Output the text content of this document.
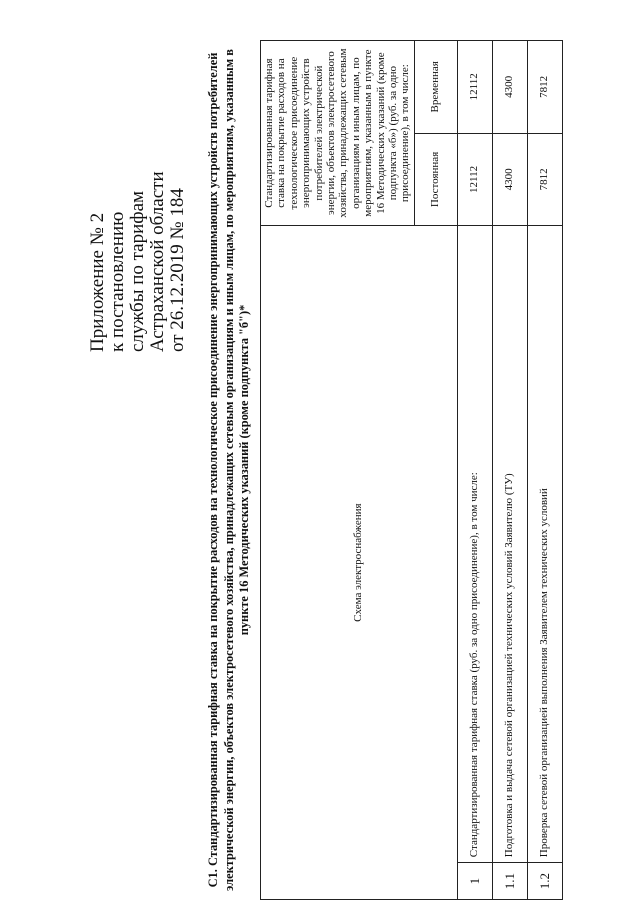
Приложение № 2 к постановлению службы по тарифам Астраханской области от 26.12.2019 № 184 С1. Стандартизированная тарифная ставка на покрытие расходов на технологическое присоединение энергопринимающих устройств потребителей электрической энергии, объектов электросетевого хозяйства, принадлежащих сетевым организациям и иным лицам, по мероприятиям, указанным в пункте 16 Методических указаний (кроме подпункта "б")*	Схема электроснабжения		Стандартизированная тарифная ставка на покрытие расходов на технологическое присоединение энергопринимающих устройств потребителей электрической энергии, объектов электросетевого хозяйства, принадлежащих сетевым организациям и иным лицам, по мероприятиям, указанным в пункте 16 Методических указаний (кроме подпункта «б») (руб. за одно присоединение), в том числе:	
		Постоянная	Временная
1	Стандартизированная тарифная ставка (руб. за одно присоединение), в том числе:	12112	12112
1.1	Подготовка и выдача сетевой организацией технических условий Заявителю (ТУ)	4300	4300
1.2	Проверка сетевой организацией выполнения Заявителем технических условий	7812	7812
